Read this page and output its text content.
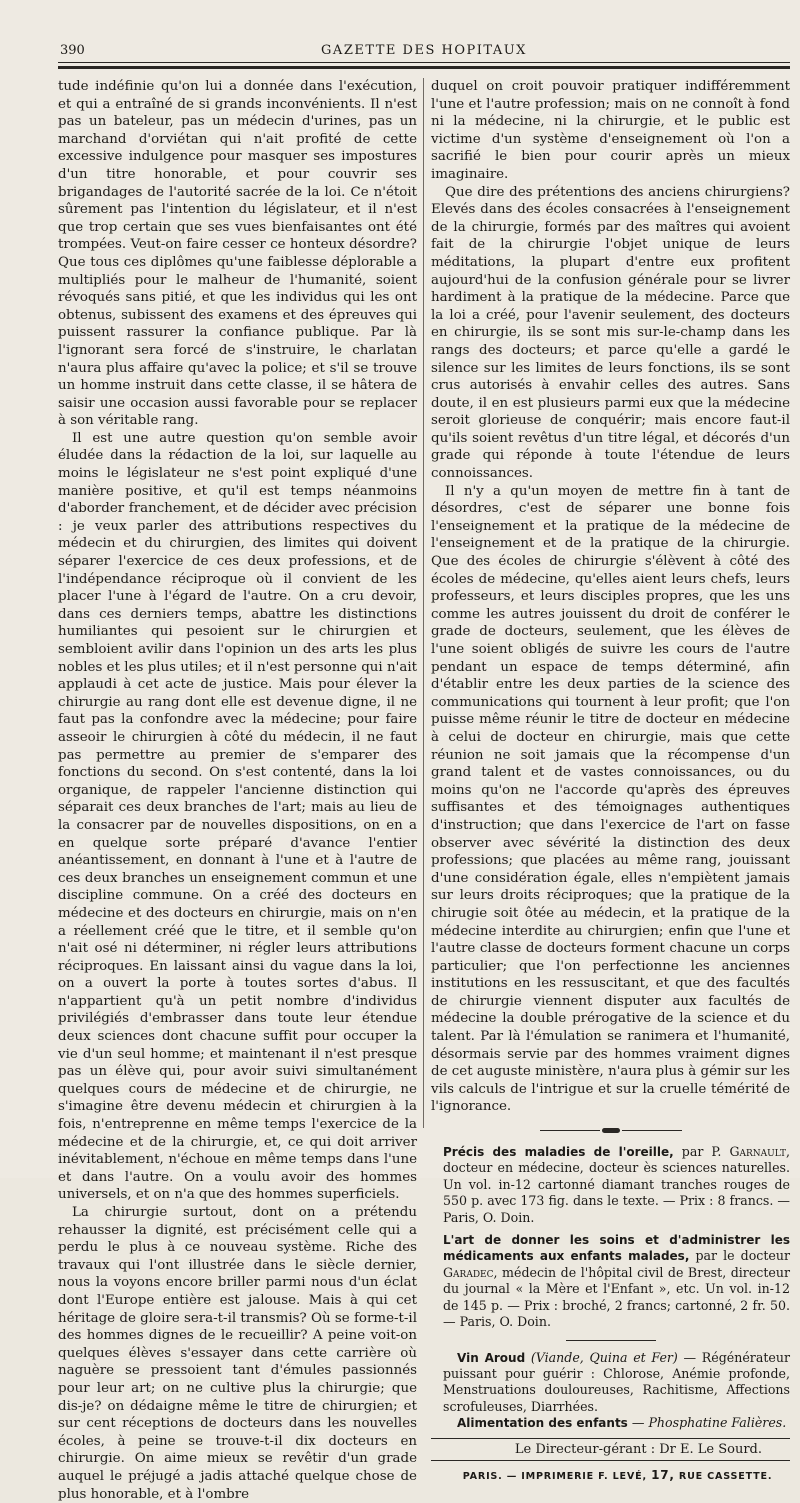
390	GAZETTE DES HOPITAUX

tude indéfinie qu'on lui a donnée dans l'exécution, et qui a entraîné de si grands inconvénients. Il n'est pas un bateleur, pas un médecin d'urines, pas un marchand d'orviétan qui n'ait profité de cette excessive indulgence pour masquer ses impostures d'un titre honorable, et pour couvrir ses brigandages de l'autorité sacrée de la loi. Ce n'étoit sûrement pas l'intention du législateur, et il n'est que trop certain que ses vues bienfaisantes ont été trompées. Veut-on faire cesser ce honteux désordre? Que tous ces diplômes qu'une faiblesse déplorable a multipliés pour le malheur de l'humanité, soient révoqués sans pitié, et que les individus qui les ont obtenus, subissent des examens et des épreuves qui puissent rassurer la confiance publique. Par là l'ignorant sera forcé de s'instruire, le charlatan n'aura plus affaire qu'avec la police; et s'il se trouve un homme instruit dans cette classe, il se hâtera de saisir une occasion aussi favorable pour se replacer à son véritable rang.

Il est une autre question qu'on semble avoir éludée dans la rédaction de la loi, sur laquelle au moins le législateur ne s'est point expliqué d'une manière positive, et qu'il est temps néanmoins d'aborder franchement, et de décider avec précision : je veux parler des attributions respectives du médecin et du chirurgien, des limites qui doivent séparer l'exercice de ces deux professions, et de l'indépendance réciproque où il convient de les placer l'une à l'égard de l'autre. On a cru devoir, dans ces derniers temps, abattre les distinctions humiliantes qui pesoient sur le chirurgien et sembloient avilir dans l'opinion un des arts les plus nobles et les plus utiles; et il n'est personne qui n'ait applaudi à cet acte de justice. Mais pour élever la chirurgie au rang dont elle est devenue digne, il ne faut pas la confondre avec la médecine; pour faire asseoir le chirurgien à côté du médecin, il ne faut pas permettre au premier de s'emparer des fonctions du second. On s'est contenté, dans la loi organique, de rappeler l'ancienne distinction qui séparait ces deux branches de l'art; mais au lieu de la consacrer par de nouvelles dispositions, on en a en quelque sorte préparé d'avance l'entier anéantissement, en donnant à l'une et à l'autre de ces deux branches un enseignement commun et une discipline commune. On a créé des docteurs en médecine et des docteurs en chirurgie, mais on n'en a réellement créé que le titre, et il semble qu'on n'ait osé ni déterminer, ni régler leurs attributions réciproques. En laissant ainsi du vague dans la loi, on a ouvert la porte à toutes sortes d'abus. Il n'appartient qu'à un petit nombre d'individus privilégiés d'embrasser dans toute leur étendue deux sciences dont chacune suffit pour occuper la vie d'un seul homme; et maintenant il n'est presque pas un élève qui, pour avoir suivi simultanément quelques cours de médecine et de chirurgie, ne s'imagine être devenu médecin et chirurgien à la fois, n'entreprenne en même temps l'exercice de la médecine et de la chirurgie, et, ce qui doit arriver inévitablement, n'échoue en même temps dans l'une et dans l'autre. On a voulu avoir des hommes universels, et on n'a que des hommes superficiels.

La chirurgie surtout, dont on a prétendu rehausser la dignité, est précisément celle qui a perdu le plus à ce nouveau système. Riche des travaux qui l'ont illustrée dans le siècle dernier, nous la voyons encore briller parmi nous d'un éclat dont l'Europe entière est jalouse. Mais à qui cet héritage de gloire sera-t-il transmis? Où se forme-t-il des hommes dignes de le recueillir? A peine voit-on quelques élèves s'essayer dans cette carrière où naguère se pressoient tant d'émules passionnés pour leur art; on ne cultive plus la chirurgie; que dis-je? on dédaigne même le titre de chirurgien; et sur cent réceptions de docteurs dans les nouvelles écoles, à peine se trouve-t-il dix docteurs en chirurgie. On aime mieux se revêtir d'un grade auquel le préjugé a jadis attaché quelque chose de plus honorable, et à l'ombre

duquel on croit pouvoir pratiquer indifféremment l'une et l'autre profession; mais on ne connoît à fond ni la médecine, ni la chirurgie, et le public est victime d'un système d'enseignement où l'on a sacrifié le bien pour courir après un mieux imaginaire.

Que dire des prétentions des anciens chirurgiens? Elevés dans des écoles consacrées à l'enseignement de la chirurgie, formés par des maîtres qui avoient fait de la chirurgie l'objet unique de leurs méditations, la plupart d'entre eux profitent aujourd'hui de la confusion générale pour se livrer hardiment à la pratique de la médecine. Parce que la loi a créé, pour l'avenir seulement, des docteurs en chirurgie, ils se sont mis sur-le-champ dans les rangs des docteurs; et parce qu'elle a gardé le silence sur les limites de leurs fonctions, ils se sont crus autorisés à envahir celles des autres. Sans doute, il en est plusieurs parmi eux que la médecine seroit glorieuse de conquérir; mais encore faut-il qu'ils soient revêtus d'un titre légal, et décorés d'un grade qui réponde à toute l'étendue de leurs connoissances.

Il n'y a qu'un moyen de mettre fin à tant de désordres, c'est de séparer une bonne fois l'enseignement et la pratique de la médecine de l'enseignement et de la pratique de la chirurgie. Que des écoles de chirurgie s'élèvent à côté des écoles de médecine, qu'elles aient leurs chefs, leurs professeurs, et leurs disciples propres, que les uns comme les autres jouissent du droit de conférer le grade de docteurs, seulement, que les élèves de l'une soient obligés de suivre les cours de l'autre pendant un espace de temps déterminé, afin d'établir entre les deux parties de la science des communications qui tournent à leur profit; que l'on puisse même réunir le titre de docteur en médecine à celui de docteur en chirurgie, mais que cette réunion ne soit jamais que la récompense d'un grand talent et de vastes connoissances, ou du moins qu'on ne l'accorde qu'après des épreuves suffisantes et des témoignages authentiques d'instruction; que dans l'exercice de l'art on fasse observer avec sévérité la distinction des deux professions; que placées au même rang, jouissant d'une considération égale, elles n'empiètent jamais sur leurs droits réciproques; que la pratique de la chirugie soit ôtée au médecin, et la pratique de la médecine interdite au chirurgien; enfin que l'une et l'autre classe de docteurs forment chacune un corps particulier; que l'on perfectionne les anciennes institutions en les ressuscitant, et que des facultés de chirurgie viennent disputer aux facultés de médecine la double prérogative de la science et du talent. Par là l'émulation se ranimera et l'humanité, désormais servie par des hommes vraiment dignes de cet auguste ministère, n'aura plus à gémir sur les vils calculs de l'intrigue et sur la cruelle témérité de l'ignorance.

Précis des maladies de l'oreille, par P. Garnault, docteur en médecine, docteur ès sciences naturelles. Un vol. in-12 cartonné diamant tranches rouges de 550 p. avec 173 fig. dans le texte. — Prix : 8 francs. — Paris, O. Doin.

L'art de donner les soins et d'administrer les médicaments aux enfants malades, par le docteur Garadec, médecin de l'hôpital civil de Brest, directeur du journal « la Mère et l'Enfant », etc. Un vol. in-12 de 145 p. — Prix : broché, 2 francs; cartonné, 2 fr. 50. — Paris, O. Doin.

Vin Aroud (Viande, Quina et Fer) — Régénérateur puissant pour guérir : Chlorose, Anémie profonde, Menstruations douloureuses, Rachitisme, Affections scrofuleuses, Diarrhées.

Alimentation des enfants — Phosphatine Falières.

Le Directeur-gérant : Dr E. Le Sourd.

PARIS. — IMPRIMERIE F. LEVÉ, 17, RUE CASSETTE.
